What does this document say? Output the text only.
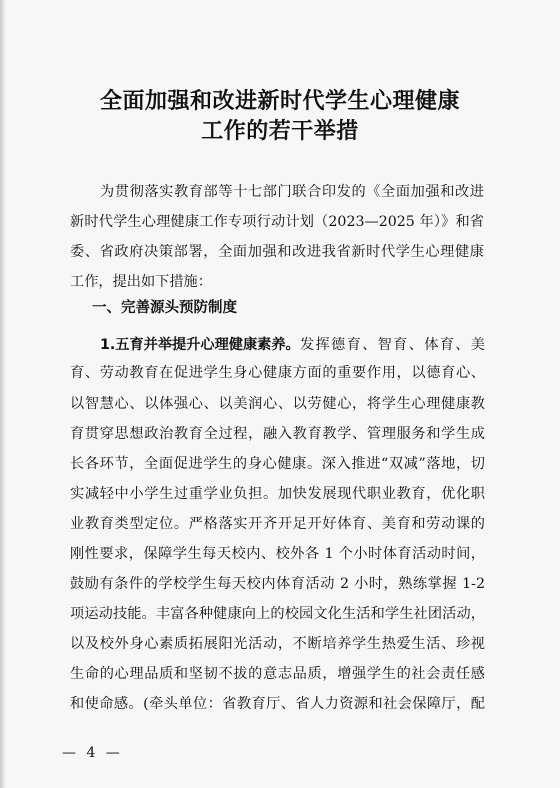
全面加强和改进新时代学生心理健康
工作的若干举措
为贯彻落实教育部等十七部门联合印发的《全面加强和改进
新时代学生心理健康工作专项行动计划（2023—2025 年）》和省
委、省政府决策部署，全面加强和改进我省新时代学生心理健康
工作，提出如下措施：
一、完善源头预防制度
1.五育并举提升心理健康素养。 发挥德育、智育、体育、美
育、劳动教育在促进学生身心健康方面的重要作用，以德育心、
以智慧心、以体强心、以美润心、以劳健心，将学生心理健康教
育贯穿思想政治教育全过程，融入教育教学、管理服务和学生成
长各环节，全面促进学生的身心健康。深入推进“双减”落地，切
实减轻中小学生过重学业负担。加快发展现代职业教育，优化职
业教育类型定位。严格落实开齐开足开好体育、美育和劳动课的
刚性要求，保障学生每天校内、校外各 1 个小时体育活动时间，
鼓励有条件的学校学生每天校内体育活动 2 小时，熟练掌握 1-2
项运动技能。丰富各种健康向上的校园文化生活和学生社团活动，
以及校外身心素质拓展阳光活动，不断培养学生热爱生活、珍视
生命的心理品质和坚韧不拔的意志品质，增强学生的社会责任感
和使命感。(牵头单位：省教育厅、省人力资源和社会保障厅，配
— 4 —
